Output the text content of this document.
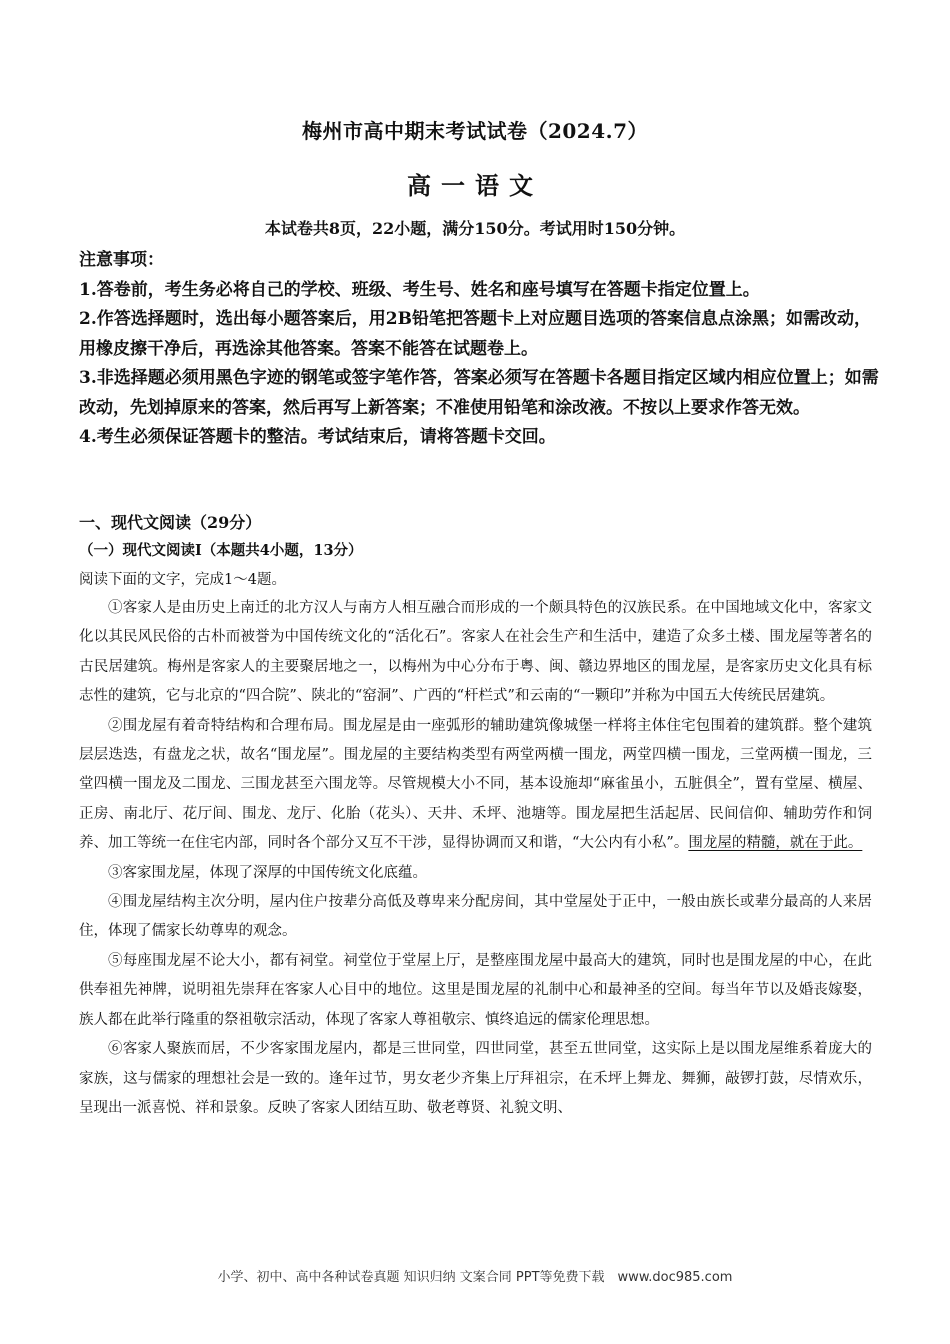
梅州市高中期末考试试卷（2024.7）
高一语文
本试卷共8页，22小题，满分150分。考试用时150分钟。

注意事项：

1.答卷前，考生务必将自己的学校、班级、考生号、姓名和座号填写在答题卡指定位置上。

2.作答选择题时，选出每小题答案后，用2B铅笔把答题卡上对应题目选项的答案信息点涂黑；如需改动，用橡皮擦干净后，再选涂其他答案。答案不能答在试题卷上。

3.非选择题必须用黑色字迹的钢笔或签字笔作答，答案必须写在答题卡各题目指定区域内相应位置上；如需改动，先划掉原来的答案，然后再写上新答案；不准使用铅笔和涂改液。不按以上要求作答无效。

4.考生必须保证答题卡的整洁。考试结束后，请将答题卡交回。

一、现代文阅读（29分）
（一）现代文阅读Ⅰ（本题共4小题，13分）
阅读下面的文字，完成1～4题。

①客家人是由历史上南迁的北方汉人与南方人相互融合而形成的一个颇具特色的汉族民系。在中国地域文化中，客家文化以其民风民俗的古朴而被誉为中国传统文化的“活化石”。客家人在社会生产和生活中，建造了众多土楼、围龙屋等著名的古民居建筑。梅州是客家人的主要聚居地之一，以梅州为中心分布于粤、闽、赣边界地区的围龙屋，是客家历史文化具有标志性的建筑，它与北京的“四合院”、陕北的“窑洞”、广西的“杆栏式”和云南的“一颗印”并称为中国五大传统民居建筑。

②围龙屋有着奇特结构和合理布局。围龙屋是由一座弧形的辅助建筑像城堡一样将主体住宅包围着的建筑群。整个建筑层层迭迭，有盘龙之状，故名“围龙屋”。围龙屋的主要结构类型有两堂两横一围龙，两堂四横一围龙，三堂两横一围龙，三堂四横一围龙及二围龙、三围龙甚至六围龙等。尽管规模大小不同，基本设施却“麻雀虽小，五脏俱全”，置有堂屋、横屋、正房、南北厅、花厅间、围龙、龙厅、化胎（花头）、天井、禾坪、池塘等。围龙屋把生活起居、民间信仰、辅助劳作和饲养、加工等统一在住宅内部，同时各个部分又互不干涉，显得协调而又和谐，“大公内有小私”。围龙屋的精髓，就在于此。

③客家围龙屋，体现了深厚的中国传统文化底蕴。

④围龙屋结构主次分明，屋内住户按辈分高低及尊卑来分配房间，其中堂屋处于正中，一般由族长或辈分最高的人来居住，体现了儒家长幼尊卑的观念。

⑤每座围龙屋不论大小，都有祠堂。祠堂位于堂屋上厅，是整座围龙屋中最高大的建筑，同时也是围龙屋的中心，在此供奉祖先神牌，说明祖先崇拜在客家人心目中的地位。这里是围龙屋的礼制中心和最神圣的空间。每当年节以及婚丧嫁娶，族人都在此举行隆重的祭祖敬宗活动，体现了客家人尊祖敬宗、慎终追远的儒家伦理思想。

⑥客家人聚族而居，不少客家围龙屋内，都是三世同堂，四世同堂，甚至五世同堂，这实际上是以围龙屋维系着庞大的家族，这与儒家的理想社会是一致的。逢年过节，男女老少齐集上厅拜祖宗，在禾坪上舞龙、舞狮，敲锣打鼓，尽情欢乐，呈现出一派喜悦、祥和景象。反映了客家人团结互助、敬老尊贤、礼貌文明、

小学、初中、高中各种试卷真题 知识归纳 文案合同 PPT等免费下载　www.doc985.com
